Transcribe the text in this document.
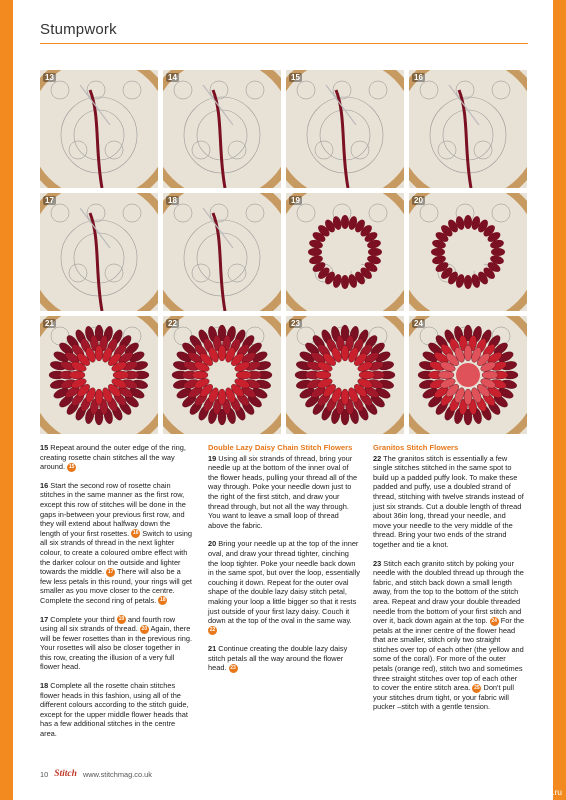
Stumpwork
13	14	15	16
17	18	19	20
21	22	23	24

15 Repeat around the outer edge of the ring, creating rosette chain stitches all the way around. 15

16 Start the second row of rosette chain stitches in the same manner as the first row, except this row of stitches will be done in the gaps in-between your previous first row, and they will extend about halfway down the length of your first rosettes. 16 Switch to using all six strands of thread in the next lighter colour, to create a coloured ombre effect with the darker colour on the outside and lighter towards the middle. 17 There will also be a few less petals in this round, your rings will get smaller as you move closer to the centre. Complete the second ring of petals. 18

17 Complete your third 19 and fourth row using all six strands of thread. 20 Again, there will be fewer rosettes than in the previous ring. Your rosettes will also be closer together in this row, creating the illusion of a very full flower head.

18 Complete all the rosette chain stitches flower heads in this fashion, using all of the different colours according to the stitch guide, except for the upper middle flower heads that has a few additional stitches in the centre area.

Double Lazy Daisy Chain Stitch Flowers

19 Using all six strands of thread, bring your needle up at the bottom of the inner oval of the flower heads, pulling your thread all of the way through. Poke your needle down just to the right of the first stitch, and draw your thread through, but not all the way through. You want to leave a small loop of thread above the fabric.

20 Bring your needle up at the top of the inner oval, and draw your thread tighter, cinching the loop tighter. Poke your needle back down in the same spot, but over the loop, essentially couching it down. Repeat for the outer oval shape of the double lazy daisy stitch petal, making your loop a little bigger so that it rests just outside of your first lazy daisy. Couch it down at the top of the oval in the same way. 22

21 Continue creating the double lazy daisy stitch petals all the way around the flower head. 23

Granitos Stitch Flowers

22 The granitos stitch is essentially a few single stitches stitched in the same spot to build up a padded puffy look. To make these padded and puffy, use a doubled strand of thread, stitching with twelve strands instead of just six strands. Cut a double length of thread about 36in long, thread your needle, and move your needle to the very middle of the thread. Bring your two ends of the strand together and tie a knot.

23 Stitch each granito stitch by poking your needle with the doubled thread up through the fabric, and stitch back down a small length away, from the top to the bottom of the stitch area. Repeat and draw your double threaded needle from the bottom of your first stitch and over it, back down again at the top. 24 For the petals at the inner centre of the flower head that are smaller, stitch only two straight stitches over top of each other (the yellow and some of the coral). For more of the outer petals (orange red), stitch two and sometimes three straight stitches over top of each other to cover the entire stitch area. 25 Don't pull your stitches drum tight, or your fabric will pucker –stitch with a gentle tension.

10 Stitch www.stitchmag.co.uk
PassionForum.ru
